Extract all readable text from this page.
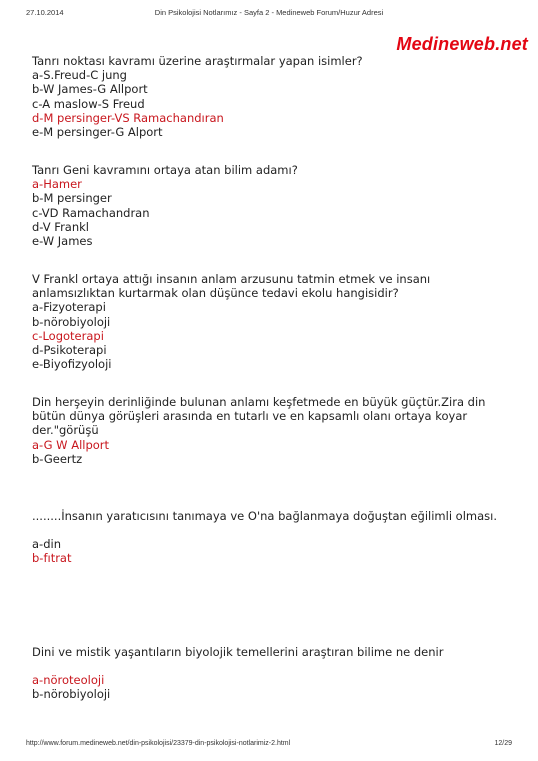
27.10.2014	Din Psikolojisi Notlarımız - Sayfa 2 - Medineweb Forum/Huzur Adresi
Medineweb.net
Tanrı noktası kavramı üzerine araştırmalar yapan isimler?
a-S.Freud-C jung
b-W James-G Allport
c-A maslow-S Freud
d-M persinger-VS Ramachandıran
e-M persinger-G Alport
Tanrı Geni kavramını ortaya atan bilim adamı?
a-Hamer
b-M persinger
c-VD Ramachandran
d-V Frankl
e-W James
V Frankl ortaya attığı insanın anlam arzusunu tatmin etmek ve insanı
anlamsızlıktan kurtarmak olan düşünce tedavi ekolu hangisidir?
a-Fizyoterapi
b-nörobiyoloji
c-Logoterapi
d-Psikoterapi
e-Biyofizyoloji
Din herşeyin derinliğinde bulunan anlamı keşfetmede en büyük güçtür.Zira din
bütün dünya görüşleri arasında en tutarlı ve en kapsamlı olanı ortaya koyar
der."görüşü
a-G W Allport
b-Geertz
........İnsanın yaratıcısını tanımaya ve O'na bağlanmaya doğuştan eğilimli olması.
a-din
b-fıtrat
Dini ve mistik yaşantıların biyolojik temellerini araştıran bilime ne denir
a-nöroteoloji
b-nörobiyoloji
http://www.forum.medineweb.net/din-psikolojisi/23379-din-psikolojisi-notlarimiz-2.html	12/29
